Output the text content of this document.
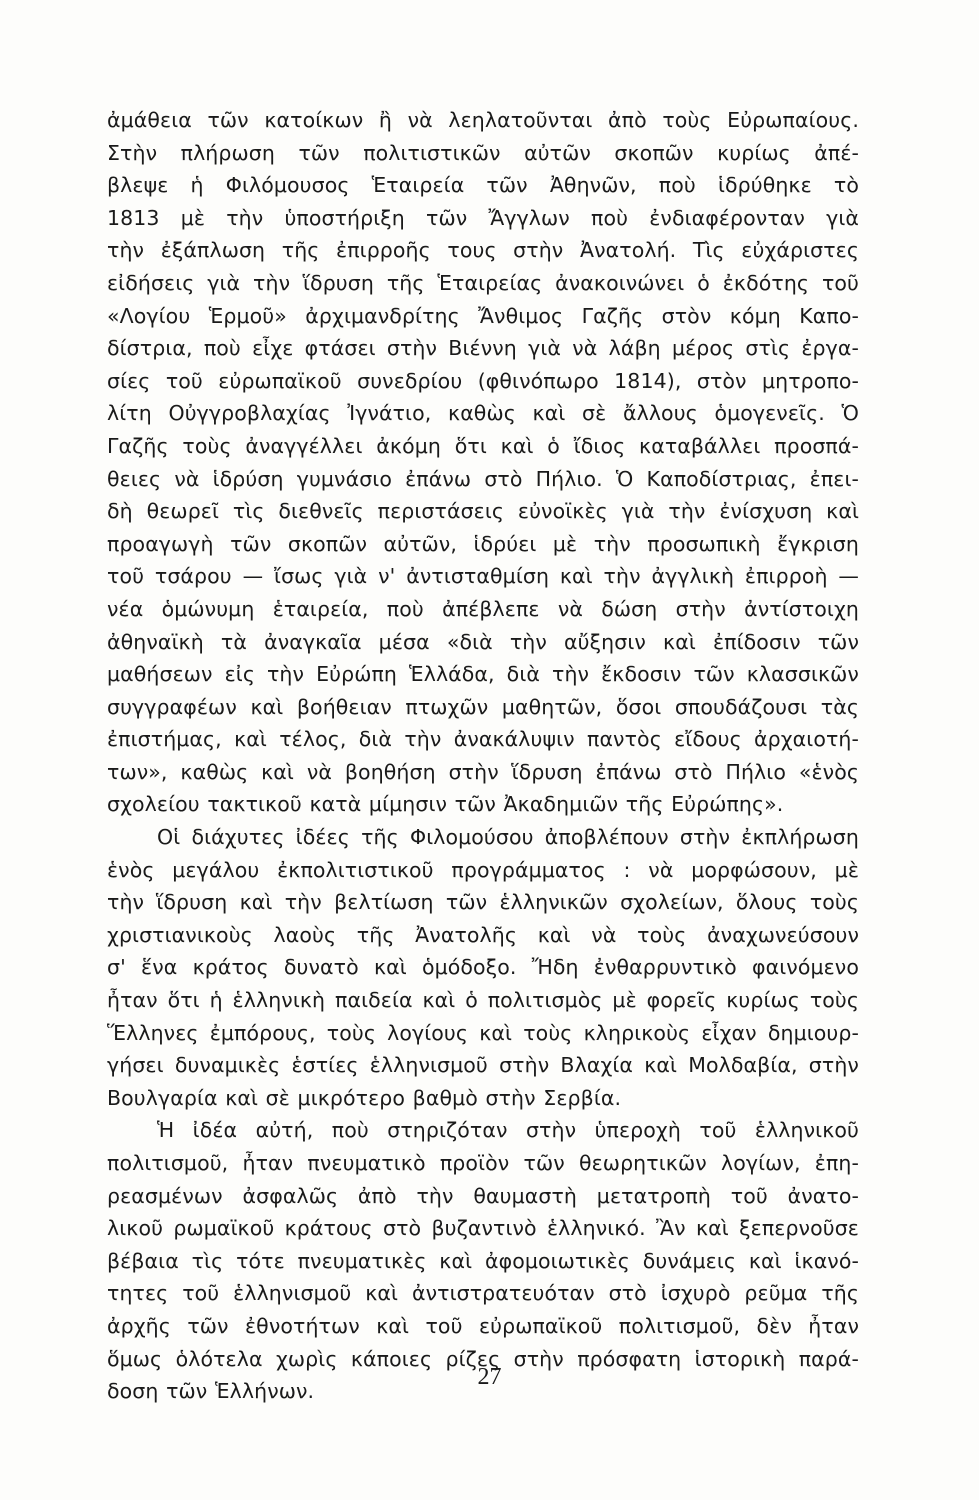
ἀμάθεια τῶν κατοίκων ἢ νὰ λεηλατοῦνται ἀπὸ τοὺς Εὐρωπαίους.
Στὴν πλήρωση τῶν πολιτιστικῶν αὐτῶν σκοπῶν κυρίως ἀπέ-
βλεψε ἡ Φιλόμουσος Ἑταιρεία τῶν Ἀθηνῶν, ποὺ ἱδρύθηκε τὸ
1813 μὲ τὴν ὑποστήριξη τῶν Ἄγγλων ποὺ ἐνδιαφέρονταν γιὰ
τὴν ἐξάπλωση τῆς ἐπιρροῆς τους στὴν Ἀνατολή. Τὶς εὐχάριστες
εἰδήσεις γιὰ τὴν ἵδρυση τῆς Ἑταιρείας ἀνακοινώνει ὁ ἐκδότης τοῦ
«Λογίου Ἑρμοῦ» ἀρχιμανδρίτης Ἄνθιμος Γαζῆς στὸν κόμη Καπο-
δίστρια, ποὺ εἶχε φτάσει στὴν Βιέννη γιὰ νὰ λάβη μέρος στὶς ἐργα-
σίες τοῦ εὐρωπαϊκοῦ συνεδρίου (φθινόπωρο 1814), στὸν μητροπο-
λίτη Οὐγγροβλαχίας Ἰγνάτιο, καθὼς καὶ σὲ ἄλλους ὁμογενεῖς. Ὁ
Γαζῆς τοὺς ἀναγγέλλει ἀκόμη ὅτι καὶ ὁ ἴδιος καταβάλλει προσπά-
θειες νὰ ἱδρύση γυμνάσιο ἐπάνω στὸ Πήλιο. Ὁ Καποδίστριας, ἐπει-
δὴ θεωρεῖ τὶς διεθνεῖς περιστάσεις εὐνοϊκὲς γιὰ τὴν ἐνίσχυση καὶ
προαγωγὴ τῶν σκοπῶν αὐτῶν, ἱδρύει μὲ τὴν προσωπικὴ ἔγκριση
τοῦ τσάρου — ἴσως γιὰ ν' ἀντισταθμίση καὶ τὴν ἀγγλικὴ ἐπιρροὴ —
νέα ὁμώνυμη ἑταιρεία, ποὺ ἀπέβλεπε νὰ δώση στὴν ἀντίστοιχη
ἀθηναϊκὴ τὰ ἀναγκαῖα μέσα «διὰ τὴν αὔξησιν καὶ ἐπίδοσιν τῶν
μαθήσεων εἰς τὴν Εὐρώπη Ἑλλάδα, διὰ τὴν ἔκδοσιν τῶν κλασσικῶν
συγγραφέων καὶ βοήθειαν πτωχῶν μαθητῶν, ὅσοι σπουδάζουσι τὰς
ἐπιστήμας, καὶ τέλος, διὰ τὴν ἀνακάλυψιν παντὸς εἴδους ἀρχαιοτή-
των», καθὼς καὶ νὰ βοηθήση στὴν ἵδρυση ἐπάνω στὸ Πήλιο «ἑνὸς
σχολείου τακτικοῦ κατὰ μίμησιν τῶν Ἀκαδημιῶν τῆς Εὐρώπης».
Οἱ διάχυτες ἰδέες τῆς Φιλομούσου ἀποβλέπουν στὴν ἐκπλήρωση
ἑνὸς μεγάλου ἐκπολιτιστικοῦ προγράμματος : νὰ μορφώσουν, μὲ
τὴν ἵδρυση καὶ τὴν βελτίωση τῶν ἑλληνικῶν σχολείων, ὅλους τοὺς
χριστιανικοὺς λαοὺς τῆς Ἀνατολῆς καὶ νὰ τοὺς ἀναχωνεύσουν
σ' ἕνα κράτος δυνατὸ καὶ ὁμόδοξο. Ἤδη ἐνθαρρυντικὸ φαινόμενο
ἦταν ὅτι ἡ ἑλληνικὴ παιδεία καὶ ὁ πολιτισμὸς μὲ φορεῖς κυρίως τοὺς
Ἕλληνες ἐμπόρους, τοὺς λογίους καὶ τοὺς κληρικοὺς εἶχαν δημιουρ-
γήσει δυναμικὲς ἑστίες ἑλληνισμοῦ στὴν Βλαχία καὶ Μολδαβία, στὴν
Βουλγαρία καὶ σὲ μικρότερο βαθμὸ στὴν Σερβία.
Ἡ ἰδέα αὐτή, ποὺ στηριζόταν στὴν ὑπεροχὴ τοῦ ἑλληνικοῦ
πολιτισμοῦ, ἦταν πνευματικὸ προϊὸν τῶν θεωρητικῶν λογίων, ἐπη-
ρεασμένων ἀσφαλῶς ἀπὸ τὴν θαυμαστὴ μετατροπὴ τοῦ ἀνατο-
λικοῦ ρωμαϊκοῦ κράτους στὸ βυζαντινὸ ἑλληνικό. Ἂν καὶ ξεπερνοῦσε
βέβαια τὶς τότε πνευματικὲς καὶ ἀφομοιωτικὲς δυνάμεις καὶ ἱκανό-
τητες τοῦ ἑλληνισμοῦ καὶ ἀντιστρατευόταν στὸ ἰσχυρὸ ρεῦμα τῆς
ἀρχῆς τῶν ἐθνοτήτων καὶ τοῦ εὐρωπαϊκοῦ πολιτισμοῦ, δὲν ἦταν
ὅμως ὁλότελα χωρὶς κάποιες ρίζες στὴν πρόσφατη ἱστορικὴ παρά-
δοση τῶν Ἑλλήνων.
27
